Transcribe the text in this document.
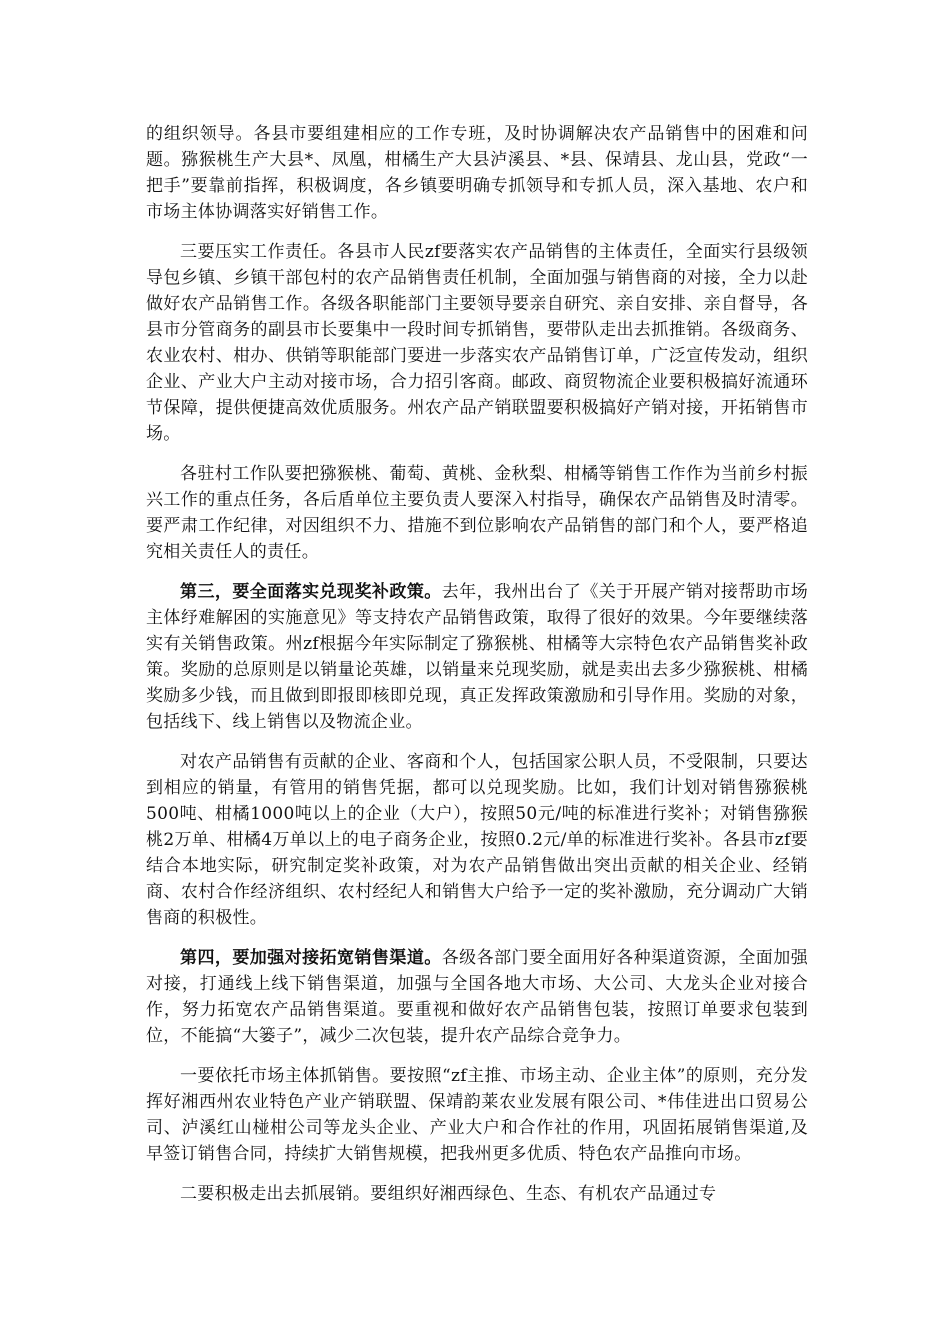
的组织领导。各县市要组建相应的工作专班，及时协调解决农产品销售中的困难和问题。猕猴桃生产大县*、凤凰，柑橘生产大县泸溪县、*县、保靖县、龙山县，党政“一把手”要靠前指挥，积极调度，各乡镇要明确专抓领导和专抓人员，深入基地、农户和市场主体协调落实好销售工作。

三要压实工作责任。各县市人民zf要落实农产品销售的主体责任，全面实行县级领导包乡镇、乡镇干部包村的农产品销售责任机制，全面加强与销售商的对接，全力以赴做好农产品销售工作。各级各职能部门主要领导要亲自研究、亲自安排、亲自督导，各县市分管商务的副县市长要集中一段时间专抓销售，要带队走出去抓推销。各级商务、农业农村、柑办、供销等职能部门要进一步落实农产品销售订单，广泛宣传发动，组织企业、产业大户主动对接市场，合力招引客商。邮政、商贸物流企业要积极搞好流通环节保障，提供便捷高效优质服务。州农产品产销联盟要积极搞好产销对接，开拓销售市场。

各驻村工作队要把猕猴桃、葡萄、黄桃、金秋梨、柑橘等销售工作作为当前乡村振兴工作的重点任务，各后盾单位主要负责人要深入村指导，确保农产品销售及时清零。要严肃工作纪律，对因组织不力、措施不到位影响农产品销售的部门和个人，要严格追究相关责任人的责任。

第三，要全面落实兑现奖补政策。去年，我州出台了《关于开展产销对接帮助市场主体纾难解困的实施意见》等支持农产品销售政策，取得了很好的效果。今年要继续落实有关销售政策。州zf根据今年实际制定了猕猴桃、柑橘等大宗特色农产品销售奖补政策。奖励的总原则是以销量论英雄，以销量来兑现奖励，就是卖出去多少猕猴桃、柑橘奖励多少钱，而且做到即报即核即兑现，真正发挥政策激励和引导作用。奖励的对象，包括线下、线上销售以及物流企业。

对农产品销售有贡献的企业、客商和个人，包括国家公职人员，不受限制，只要达到相应的销量，有管用的销售凭据，都可以兑现奖励。比如，我们计划对销售猕猴桃500吨、柑橘1000吨以上的企业（大户），按照50元/吨的标准进行奖补；对销售猕猴桃2万单、柑橘4万单以上的电子商务企业，按照0.2元/单的标准进行奖补。各县市zf要结合本地实际，研究制定奖补政策，对为农产品销售做出突出贡献的相关企业、经销商、农村合作经济组织、农村经纪人和销售大户给予一定的奖补激励，充分调动广大销售商的积极性。

第四，要加强对接拓宽销售渠道。各级各部门要全面用好各种渠道资源，全面加强对接，打通线上线下销售渠道，加强与全国各地大市场、大公司、大龙头企业对接合作，努力拓宽农产品销售渠道。要重视和做好农产品销售包装，按照订单要求包装到位，不能搞“大篓子”，减少二次包装，提升农产品综合竞争力。

一要依托市场主体抓销售。要按照“zf主推、市场主动、企业主体”的原则，充分发挥好湘西州农业特色产业产销联盟、保靖韵莱农业发展有限公司、*伟佳进出口贸易公司、泸溪红山椪柑公司等龙头企业、产业大户和合作社的作用，巩固拓展销售渠道,及早签订销售合同，持续扩大销售规模，把我州更多优质、特色农产品推向市场。

二要积极走出去抓展销。要组织好湘西绿色、生态、有机农产品通过专
